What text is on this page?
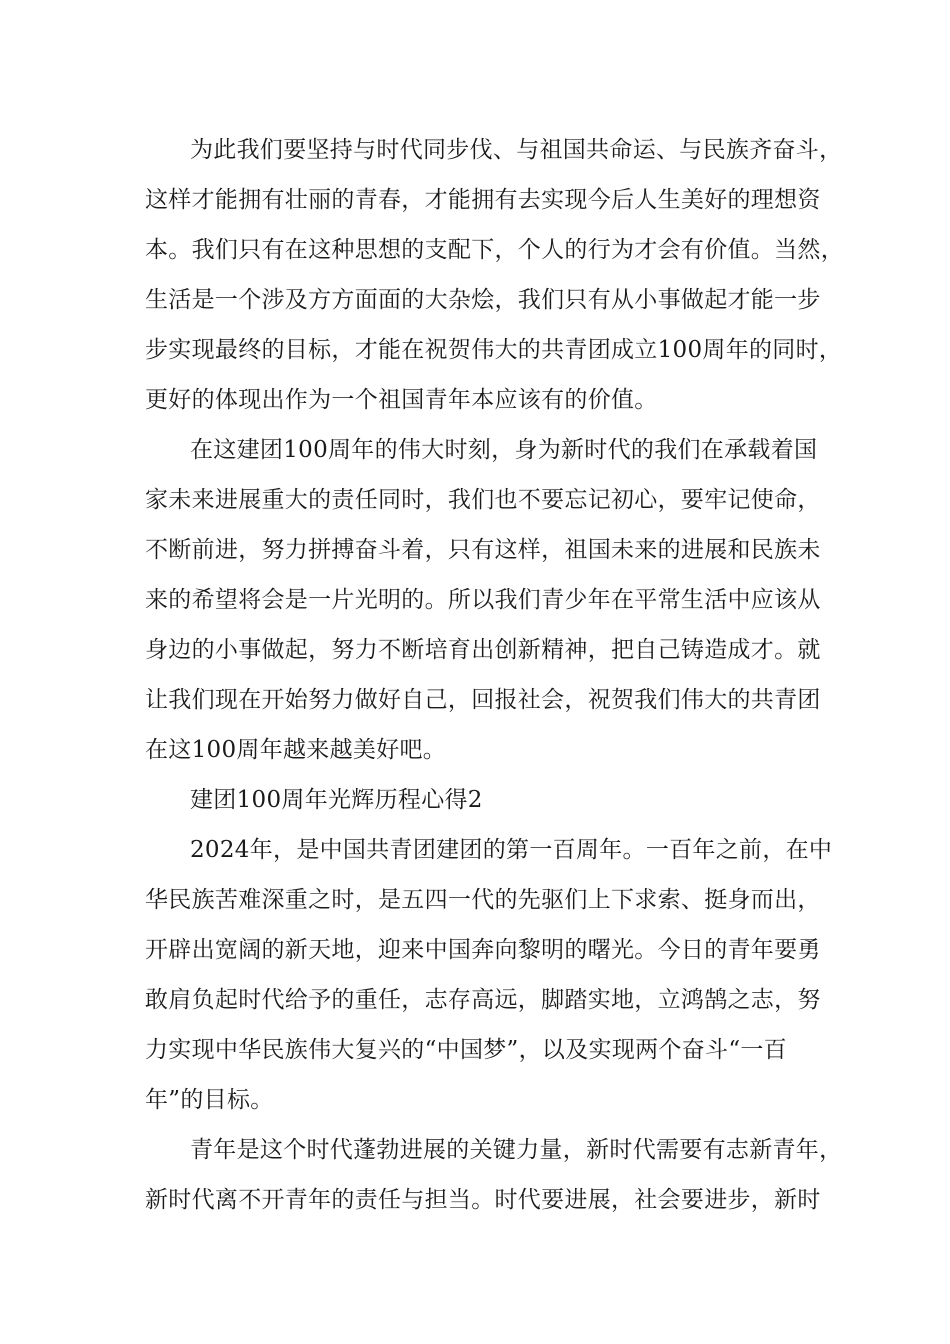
为此我们要坚持与时代同步伐、与祖国共命运、与民族齐奋斗，
这样才能拥有壮丽的青春，才能拥有去实现今后人生美好的理想资
本。我们只有在这种思想的支配下，个人的行为才会有价值。当然，
生活是一个涉及方方面面的大杂烩，我们只有从小事做起才能一步
步实现最终的目标，才能在祝贺伟大的共青团成立100周年的同时，
更好的体现出作为一个祖国青年本应该有的价值。
在这建团100周年的伟大时刻，身为新时代的我们在承载着国
家未来进展重大的责任同时，我们也不要忘记初心，要牢记使命，
不断前进，努力拼搏奋斗着，只有这样，祖国未来的进展和民族未
来的希望将会是一片光明的。所以我们青少年在平常生活中应该从
身边的小事做起，努力不断培育出创新精神，把自己铸造成才。就
让我们现在开始努力做好自己，回报社会，祝贺我们伟大的共青团
在这100周年越来越美好吧。
建团100周年光辉历程心得2
2024年，是中国共青团建团的第一百周年。一百年之前，在中
华民族苦难深重之时，是五四一代的先驱们上下求索、挺身而出，
开辟出宽阔的新天地，迎来中国奔向黎明的曙光。今日的青年要勇
敢肩负起时代给予的重任，志存高远，脚踏实地，立鸿鹄之志，努
力实现中华民族伟大复兴的“中国梦”，以及实现两个奋斗“一百
年”的目标。
青年是这个时代蓬勃进展的关键力量，新时代需要有志新青年，
新时代离不开青年的责任与担当。时代要进展，社会要进步，新时
